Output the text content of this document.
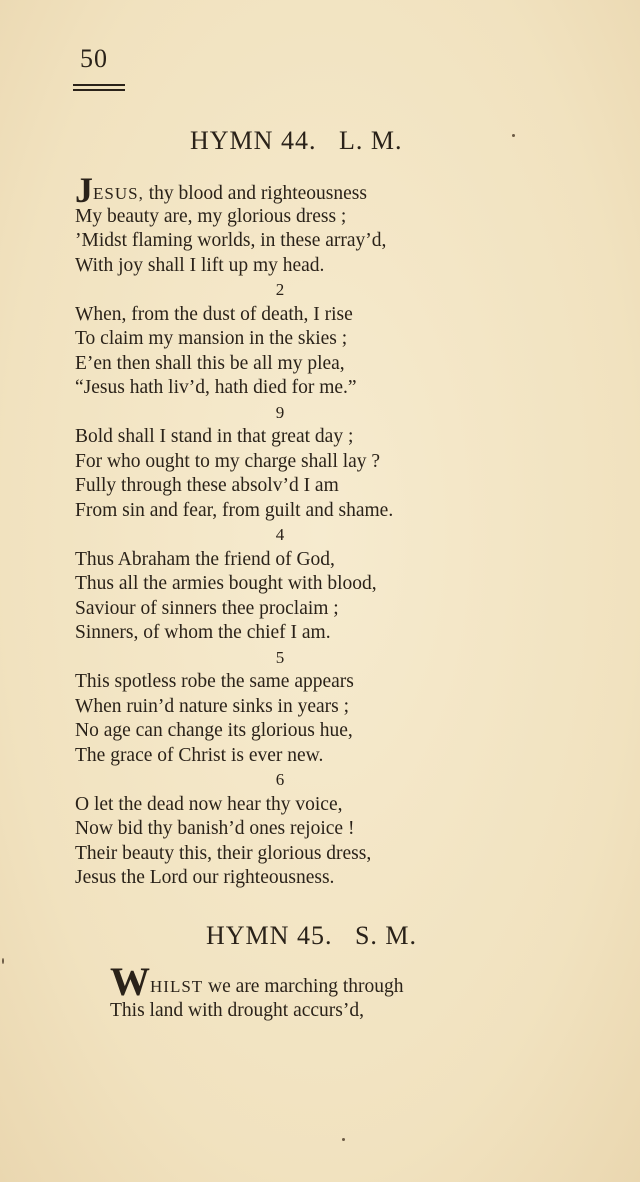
50
HYMN 44.   L. M.
JESUS, thy blood and righteousness
My beauty are, my glorious dress ;
’Midst flaming worlds, in these array’d,
With joy shall I lift up my head.
2
When, from the dust of death, I rise
To claim my mansion in the skies ;
E’en then shall this be all my plea,
“Jesus hath liv’d, hath died for me.”
9
Bold shall I stand in that great day ;
For who ought to my charge shall lay ?
Fully through these absolv’d I am
From sin and fear, from guilt and shame.
4
Thus Abraham the friend of God,
Thus all the armies bought with blood,
Saviour of sinners thee proclaim ;
Sinners, of whom the chief I am.
5
This spotless robe the same appears
When ruin’d nature sinks in years ;
No age can change its glorious hue,
The grace of Christ is ever new.
6
O let the dead now hear thy voice,
Now bid thy banish’d ones rejoice !
Their beauty this, their glorious dress,
Jesus the Lord our righteousness.
HYMN 45.   S. M.
WHILST we are marching through
This land with drought accurs’d,
